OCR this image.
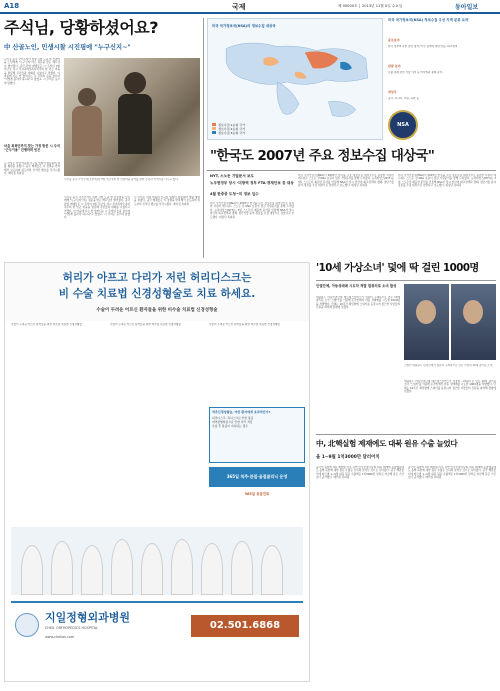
A18	국제	제 00000호 │ 2013년 11월 0일 수요일	동아일보
주석님, 당황하셨어요?
中 산골노인, 민생시찰 시진핑에 "누구신지~"
시진핑 중국 국가주석이 지방 시찰 도중 한 산골마을 노인에게 "누구신지"라는 질문을 받는 해프닝이 벌어졌다. 중국 관영 매체들은 시 주석이 3일 후난성 샹시 투자족먀오족자치주의 한 빈곤 마을을 방문해 주민들과 대화를 나눴다고 전했다. 이 마을에 사는 한 할머니는 시 주석의 손을 잡으며 "어떻게 불러야 하느냐"고 물었고, 시 주석은 웃으며 답했다.
시진핑 중국 국가주석(오른쪽)이 3일 후난성의 한 산골마을 농가를 찾아 주민과 이야기를 나누고 있다.
마을 최북단까지 찾는 가정 방문 시 주석 "근두이용" 진행하며 빈곤
시 주석은 이날 마을의 가구를 일일이 방문하며 생활 형편을 살폈다. 중국 매체들은 이 장면을 반복해서 보도하며 지도자의 친서민 행보를 부각시켰다. 베이징 특파원
시진핑 중국 국가주석이 지방 시찰 도중 한 산골마을 노인에게 "누구신지"라는 질문을 받는 해프닝이 벌어졌다. 중국 관영 매체들은 시 주석이 3일 후난성 샹시 투자족먀오족자치주의 한 빈곤 마을을 방문해 주민들과 대화를 나눴다고 전했다. 이 마을에 사는 한 할머니는 시 주석의 손을 잡으며 "어떻게 불러야 하느냐"고 물었고, 시 주석은 웃으며 답했다.
시 주석은 이날 마을의 가구를 일일이 방문하며 생활 형편을 살폈다. 중국 매체들은 이 장면을 반복해서 보도하며 지도자의 친서민 행보를 부각시켰다. 베이징 특파원
미국 국가정보국(NSA)의 정보수집 대상국
정보수집 1순위 국가
정보수집 2순위 국가
정보수집 3순위 국가
미국 국가정보국(NSA) 정보수집 우선 지역 분류 요약
중요분야
한국 정부의 북한 관련 정책, 미국 정책에 대한 반응, 외교정책
관찰 분야
수출 통제 관련 기술 이전 등 미사일과 통제 분야
대상국
중국, 러시아, 이란, 북한 등
NSA
"한국도 2007년 주요 정보수집 대상국"
NYT, 스노든 기밀문서 보도
노무현정부 당시 -미방역 정부 FTA·경제안보 등 대상
4월 한중중 도청~미 정보 입수
미국 국가안보국(NSA)이 2007년 한국을 주요 정보수집 대상국으로 분류한 사실이 에드워드 스노든 전 NSA 요원이 넘긴 기밀문서를 통해 드러났다. 뉴욕타임스(NYT)는 3일 스노든이 제공한 문서를 인용해 NSA가 당시 한국의 외교정책과 경제, 첨단기술 분야 정보를 수집 대상으로 삼았다고 보도했다. 워싱턴 특파원
미국 국가안보국(NSA)이 2007년 한국을 주요 정보수집 대상국으로 분류한 사실이 에드워드 스노든 전 NSA 요원이 넘긴 기밀문서를 통해 드러났다. 뉴욕타임스(NYT)는 3일 스노든이 제공한 문서를 인용해 NSA가 당시 한국의 외교정책과 경제, 첨단기술 분야 정보를 수집 대상으로 삼았다고 보도했다. 워싱턴 특파원
미국 국가안보국(NSA)이 2007년 한국을 주요 정보수집 대상국으로 분류한 사실이 에드워드 스노든 전 NSA 요원이 넘긴 기밀문서를 통해 드러났다. 뉴욕타임스(NYT)는 3일 스노든이 제공한 문서를 인용해 NSA가 당시 한국의 외교정책과 경제, 첨단기술 분야 정보를 수집 대상으로 삼았다고 보도했다. 워싱턴 특파원
허리가 아프고 다리가 저린 허리디스크는
비 수술 치료법 신경성형술로 치료 하세요.
수술이 두려운 어르신 환자들을 위한 비수술 치료법 신경성형술
수술이 두려운 어르신 환자들을 위한 비수술 치료법 신경성형술	수술이 두려운 어르신 환자들을 위한 비수술 치료법 신경성형술	수술이 두려운 어르신 환자들을 위한 비수술 치료법 신경성형술
척추신경성형술, 어떤 환자에게 효과적인가?
허리디스크, 목디스크로 인한 통증
척추관협착증으로 인한 다리 저림
수술 후 통증이 지속되는 경우
365일 척추·관절·골절클리닉 운영
365일 응급진료
지일정형외과병원
CHEIL ORTHOPEDICS HOSPITAL
www.cheilos.com
02.501.6868
'10세 가상소녀' 덫에 딱 걸린 1000명
인권단체, 아동성매매 시도자 적발 컴퓨터로 소녀 합성
네덜란드 아동인권단체 테르데스호머스가 컴퓨터 그래픽으로 만든 10세 필리핀 소녀 '스위티'를 이용해 온라인에서 아동 성매매를 시도한 1000명을 적발했다. 단체는 10주간 채팅방에 스위티를 등장시켜 접근한 사람들의 신원을 파악해 경찰에 넘겼다.
스위티 네덜란드 인권단체가 컴퓨터 그래픽으로 만든 가상의 10세 필리핀 소녀.
네덜란드 아동인권단체 테르데스호머스가 컴퓨터 그래픽으로 만든 10세 필리핀 소녀 '스위티'를 이용해 온라인에서 아동 성매매를 시도한 1000명을 적발했다. 단체는 10주간 채팅방에 스위티를 등장시켜 접근한 사람들의 신원을 파악해 경찰에 넘겼다.
中, 北핵실험 제재에도 대북 원유 수출 늘었다
올 1~9월 1억3000만 달러어치
중국이 북한의 3차 핵실험 이후 유엔 안전보장이사회 대북 제재에 동참했음에도 올해 북한에 대한 원유 수출은 오히려 늘어난 것으로 나타났다. 중국 해관총서에 따르면 1~9월 대북 원유 수출액은 1억3000만 달러로 지난해 같은 기간보다 증가했다. 베이징 특파원
중국이 북한의 3차 핵실험 이후 유엔 안전보장이사회 대북 제재에 동참했음에도 올해 북한에 대한 원유 수출은 오히려 늘어난 것으로 나타났다. 중국 해관총서에 따르면 1~9월 대북 원유 수출액은 1억3000만 달러로 지난해 같은 기간보다 증가했다. 베이징 특파원
